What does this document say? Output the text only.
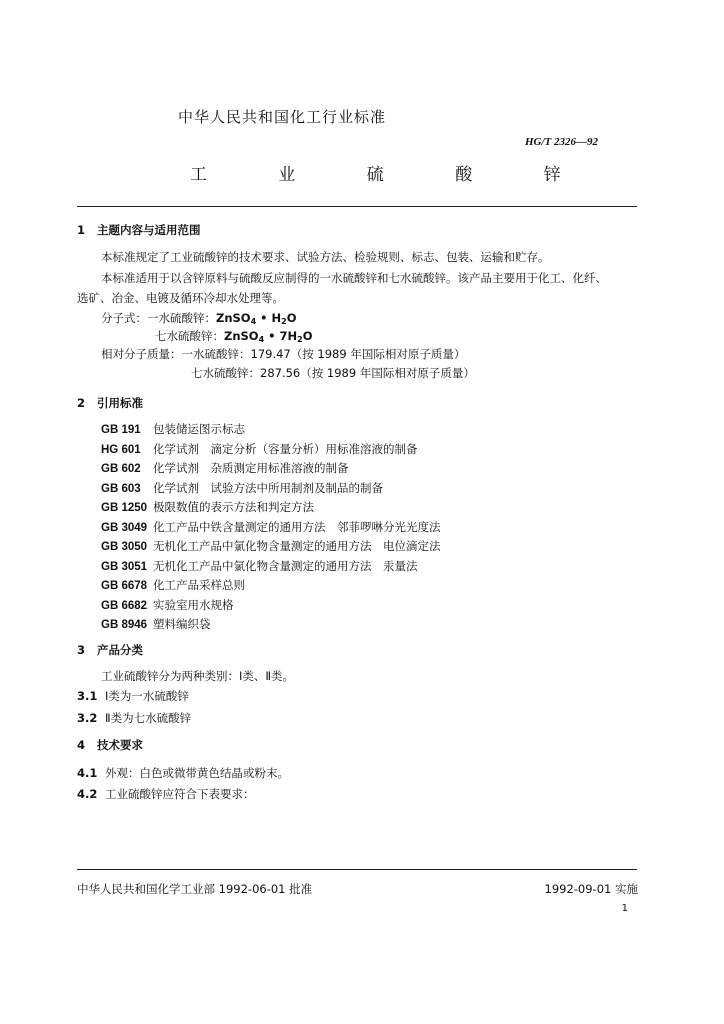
中华人民共和国化工行业标准
HG/T 2326—92
工 业 硫 酸 锌
1 主题内容与适用范围
本标准规定了工业硫酸锌的技术要求、试验方法、检验规则、标志、包装、运输和贮存。
本标准适用于以含锌原料与硫酸反应制得的一水硫酸锌和七水硫酸锌。该产品主要用于化工、化纤、
选矿、冶金、电镀及循环冷却水处理等。
分子式：一水硫酸锌：ZnSO$_4$ • $H_2O$
七水硫酸锌：ZnSO$_4$ • $7H_2O$
相对分子质量：一水硫酸锌：179.47（按 1989 年国际相对原子质量）
七水硫酸锌：287.56（按 1989 年国际相对原子质量）
2 引用标准
GB 191 包装储运图示标志
HG 601 化学试剂　滴定分析（容量分析）用标准溶液的制备
GB 602 化学试剂　杂质测定用标准溶液的制备
GB 603 化学试剂　试验方法中所用制剂及制品的制备
GB 1250 极限数值的表示方法和判定方法
GB 3049 化工产品中铁含量测定的通用方法　邻菲啰啉分光光度法
GB 3050 无机化工产品中氯化物含量测定的通用方法　电位滴定法
GB 3051 无机化工产品中氯化物含量测定的通用方法　汞量法
GB 6678 化工产品采样总则
GB 6682 实验室用水规格
GB 8946 塑料编织袋
3 产品分类
工业硫酸锌分为两种类别：Ⅰ类、Ⅱ类。
3.1 Ⅰ类为一水硫酸锌
3.2 Ⅱ类为七水硫酸锌
4 技术要求
4.1 外观：白色或微带黄色结晶或粉末。
4.2 工业硫酸锌应符合下表要求：
中华人民共和国化学工业部 1992-06-01 批准	1992-09-01 实施
1
